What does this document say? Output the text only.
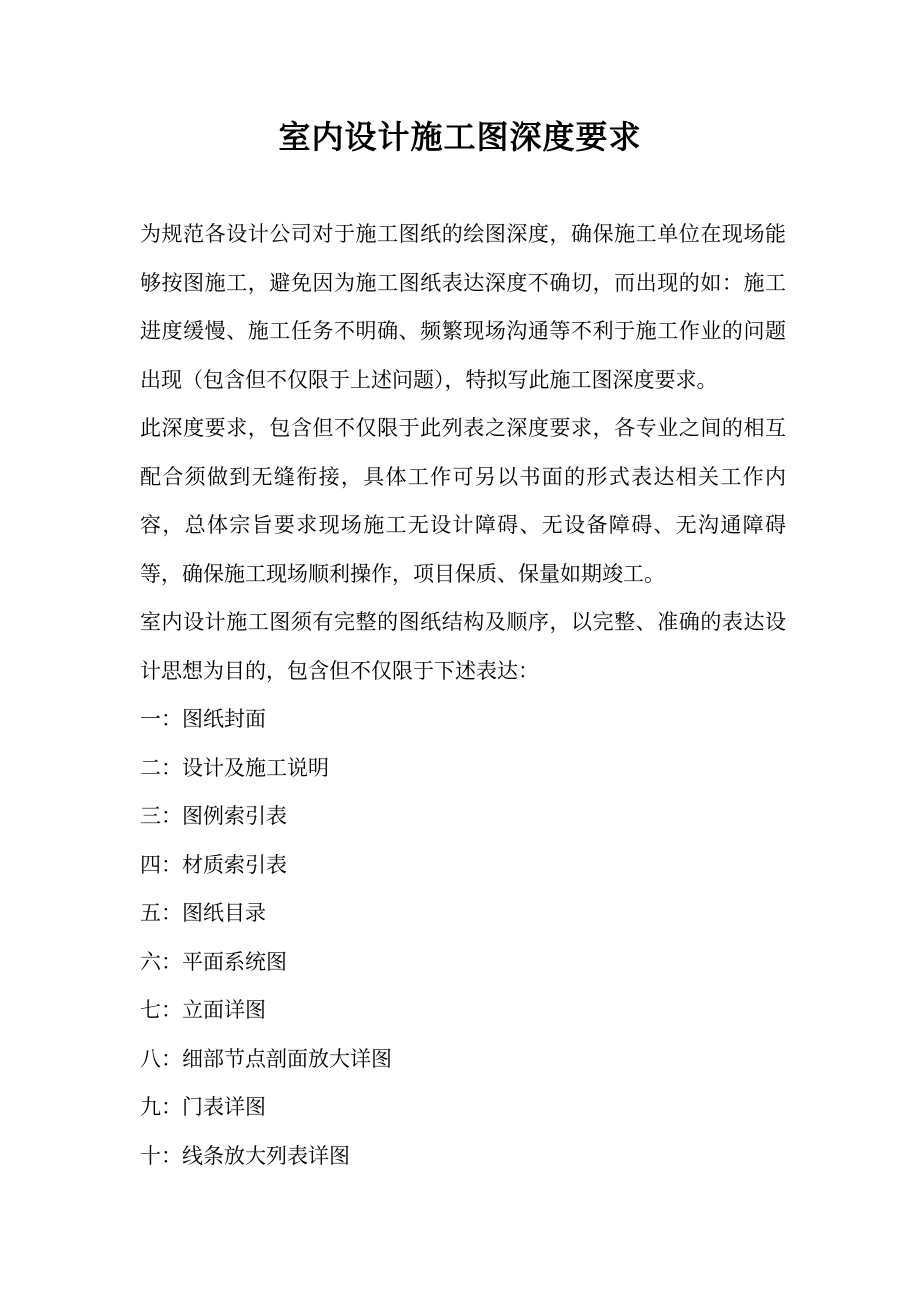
室内设计施工图深度要求

为规范各设计公司对于施工图纸的绘图深度，确保施工单位在现场能够按图施工，避免因为施工图纸表达深度不确切，而出现的如：施工进度缓慢、施工任务不明确、频繁现场沟通等不利于施工作业的问题出现（包含但不仅限于上述问题），特拟写此施工图深度要求。

此深度要求，包含但不仅限于此列表之深度要求，各专业之间的相互配合须做到无缝衔接，具体工作可另以书面的形式表达相关工作内容，总体宗旨要求现场施工无设计障碍、无设备障碍、无沟通障碍等，确保施工现场顺利操作，项目保质、保量如期竣工。

室内设计施工图须有完整的图纸结构及顺序，以完整、准确的表达设计思想为目的，包含但不仅限于下述表达：

一：图纸封面
二：设计及施工说明
三：图例索引表
四：材质索引表
五：图纸目录
六：平面系统图
七：立面详图
八：细部节点剖面放大详图
九：门表详图
十：线条放大列表详图
